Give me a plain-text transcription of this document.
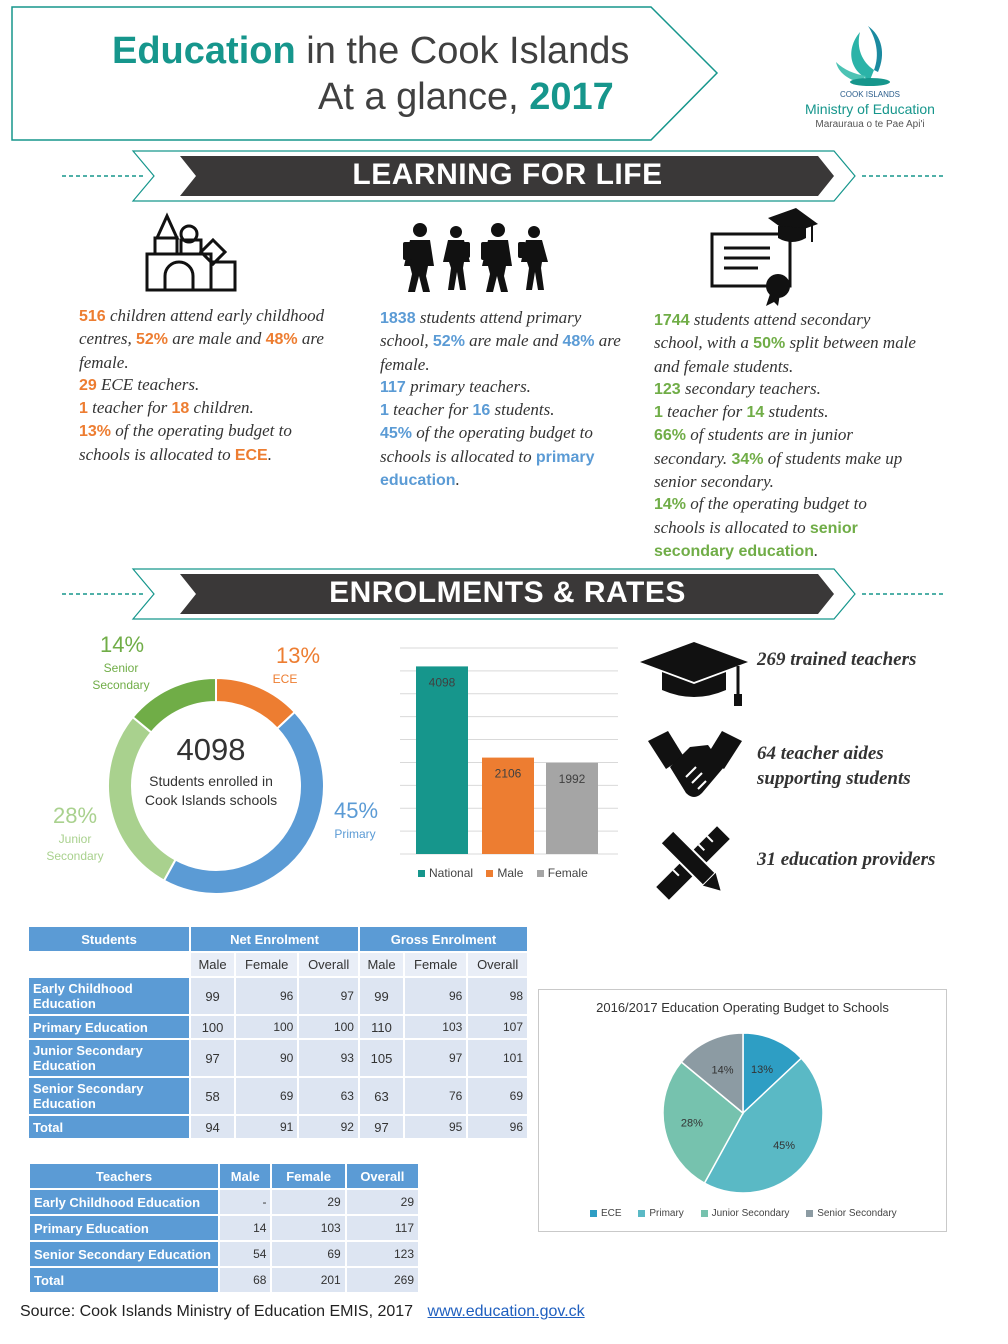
Education in the Cook Islands
At a glance, 2017	COOK ISLANDS
Ministry of Education
Marauraua o te Pae Api'i
LEARNING FOR LIFE
516 children attend early childhood centres, 52% are male and 48% are female.
29 ECE teachers.
1 teacher for 18 children.
13% of the operating budget to schools is allocated to ECE.
1838 students attend primary school, 52% are male and 48% are female.
117 primary teachers.
1 teacher for 16 students.
45% of the operating budget to schools is allocated to primary education.
1744 students attend secondary school, with a 50% split between male and female students.
123 secondary teachers.
1 teacher for 14 students.
66% of students are in junior secondary. 34% of students make up senior secondary.
14% of the operating budget to schools is allocated to senior secondary education.
ENROLMENTS & RATES
4098
Students enrolled in Cook Islands schools
13%
ECE
45%
Primary
28%
Junior Secondary
14%
Senior Secondary	4098
2106	1992
National Male Female
269 trained teachers
64 teacher aides supporting students
31 education providers
Students	Net Enrolment			Gross Enrolment		
	Male	Female	Overall	Male	Female	Overall
Early Childhood Education	99	96	97	99	96	98
Primary Education	100	100	100	110	103	107
Junior Secondary Education	97	90	93	105	97	101
Senior Secondary Education	58	69	63	63	76	69
Total	94	91	92	97	95	96
Teachers	Male	Female	Overall
Early Childhood Education	-	29	29
Primary Education	14	103	117
Senior Secondary Education	54	69	123
Total	68	201	269
2016/2017 Education Operating Budget to Schools
13%
45%
28%
14%
ECE	Primary	Junior Secondary	Senior Secondary
Source: Cook Islands Ministry of Education EMIS, 2017 www.education.gov.ck
